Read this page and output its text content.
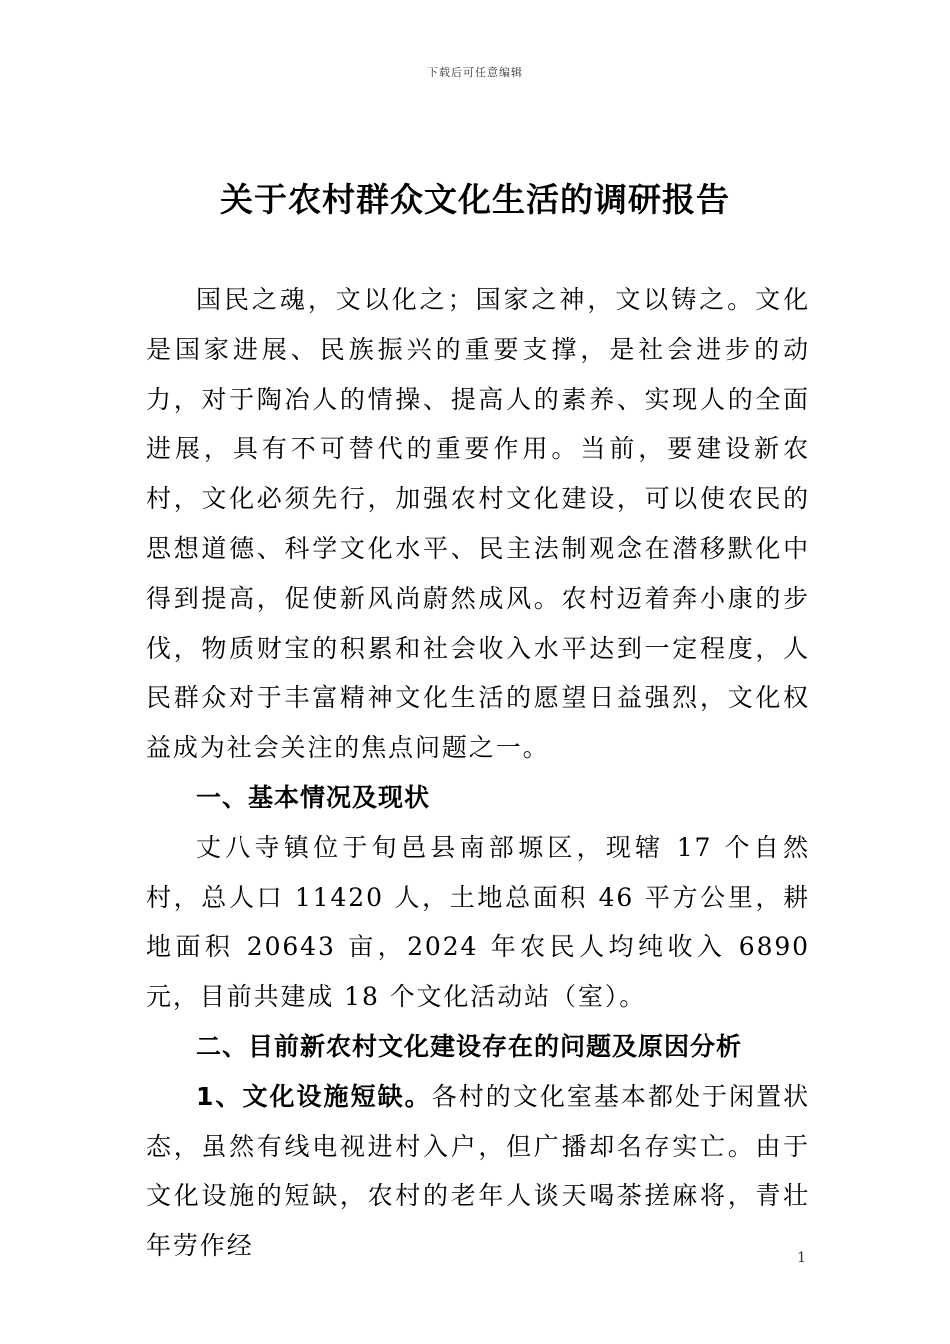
下载后可任意编辑
关于农村群众文化生活的调研报告

国民之魂，文以化之；国家之神，文以铸之。文化是国家进展、民族振兴的重要支撑，是社会进步的动力，对于陶冶人的情操、提高人的素养、实现人的全面进展，具有不可替代的重要作用。当前，要建设新农村，文化必须先行，加强农村文化建设，可以使农民的思想道德、科学文化水平、民主法制观念在潜移默化中得到提高，促使新风尚蔚然成风。农村迈着奔小康的步伐，物质财宝的积累和社会收入水平达到一定程度，人民群众对于丰富精神文化生活的愿望日益强烈，文化权益成为社会关注的焦点问题之一。

一、基本情况及现状

丈八寺镇位于旬邑县南部塬区，现辖 17 个自然村，总人口 11420 人，土地总面积 46 平方公里，耕地面积 20643 亩，2024 年农民人均纯收入 6890 元，目前共建成 18 个文化活动站（室）。

二、目前新农村文化建设存在的问题及原因分析

1、文化设施短缺。各村的文化室基本都处于闲置状态，虽然有线电视进村入户，但广播却名存实亡。由于文化设施的短缺，农村的老年人谈天喝茶搓麻将，青壮年劳作经	1
